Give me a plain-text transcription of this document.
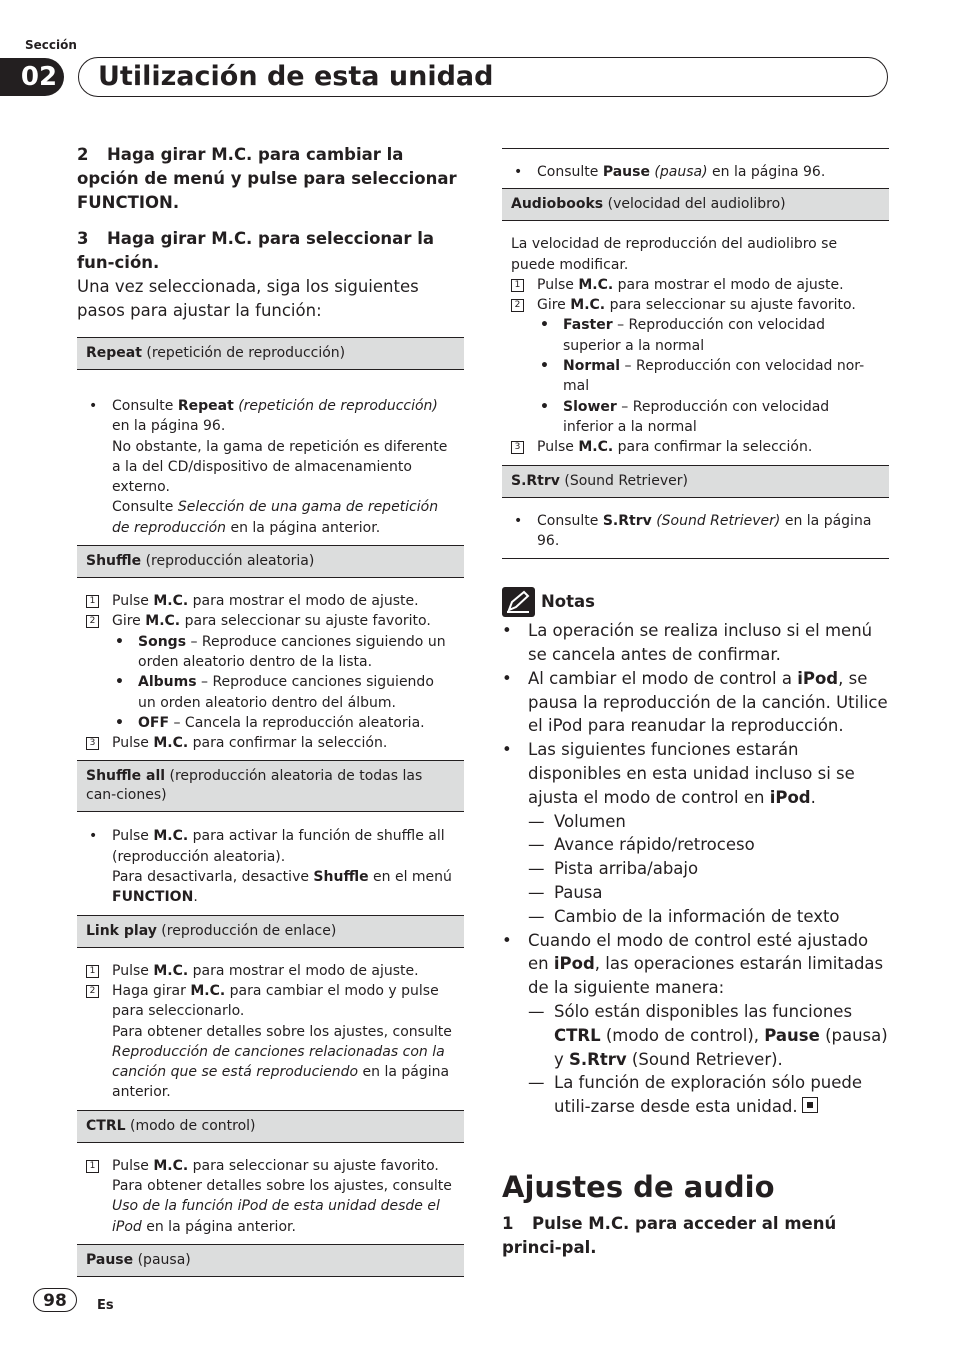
Sección
02 Utilización de esta unidad

2 Haga girar M.C. para cambiar la opción de menú y pulse para seleccionar FUNCTION.

3 Haga girar M.C. para seleccionar la fun-ción.

Una vez seleccionada, siga los siguientes pasos para ajustar la función:

Repeat (repetición de reproducción)
• Consulte Repeat (repetición de reproducción) en la página 96.
No obstante, la gama de repetición es diferente a la del CD/dispositivo de almacenamiento externo.
Consulte Selección de una gama de repetición de reproducción en la página anterior.
Shuffle (reproducción aleatoria)
1 Pulse M.C. para mostrar el modo de ajuste.
2 Gire M.C. para seleccionar su ajuste favorito.
• Songs – Reproduce canciones siguiendo un orden aleatorio dentro de la lista.
• Albums – Reproduce canciones siguiendo un orden aleatorio dentro del álbum.
• OFF – Cancela la reproducción aleatoria.
3 Pulse M.C. para confirmar la selección.
Shuffle all (reproducción aleatoria de todas las can-ciones)
• Pulse M.C. para activar la función de shuffle all (reproducción aleatoria).
Para desactivarla, desactive Shuffle en el menú FUNCTION.
Link play (reproducción de enlace)
1 Pulse M.C. para mostrar el modo de ajuste.
2 Haga girar M.C. para cambiar el modo y pulse para seleccionarlo.
Para obtener detalles sobre los ajustes, consulte Reproducción de canciones relacionadas con la canción que se está reproduciendo en la página anterior.
CTRL (modo de control)
1 Pulse M.C. para seleccionar su ajuste favorito.
Para obtener detalles sobre los ajustes, consulte Uso de la función iPod de esta unidad desde el iPod en la página anterior.
Pause (pausa)
• Consulte Pause (pausa) en la página 96.
Audiobooks (velocidad del audiolibro)
La velocidad de reproducción del audiolibro se puede modificar.
1 Pulse M.C. para mostrar el modo de ajuste.
2 Gire M.C. para seleccionar su ajuste favorito.
• Faster – Reproducción con velocidad superior a la normal
• Normal – Reproducción con velocidad nor-mal
• Slower – Reproducción con velocidad inferior a la normal
3 Pulse M.C. para confirmar la selección.
S.Rtrv (Sound Retriever)
• Consulte S.Rtrv (Sound Retriever) en la página 96.
Notas
• La operación se realiza incluso si el menú se cancela antes de confirmar.
• Al cambiar el modo de control a iPod, se pausa la reproducción de la canción. Utilice el iPod para reanudar la reproducción.
• Las siguientes funciones estarán disponibles en esta unidad incluso si se ajusta el modo de control en iPod.
— Volumen
— Avance rápido/retroceso
— Pista arriba/abajo
— Pausa
— Cambio de la información de texto
• Cuando el modo de control esté ajustado en iPod, las operaciones estarán limitadas de la siguiente manera:
— Sólo están disponibles las funciones CTRL (modo de control), Pause (pausa) y S.Rtrv (Sound Retriever).
— La función de exploración sólo puede utili-zarse desde esta unidad.
Ajustes de audio

1 Pulse M.C. para acceder al menú princi-pal.

98	Es
